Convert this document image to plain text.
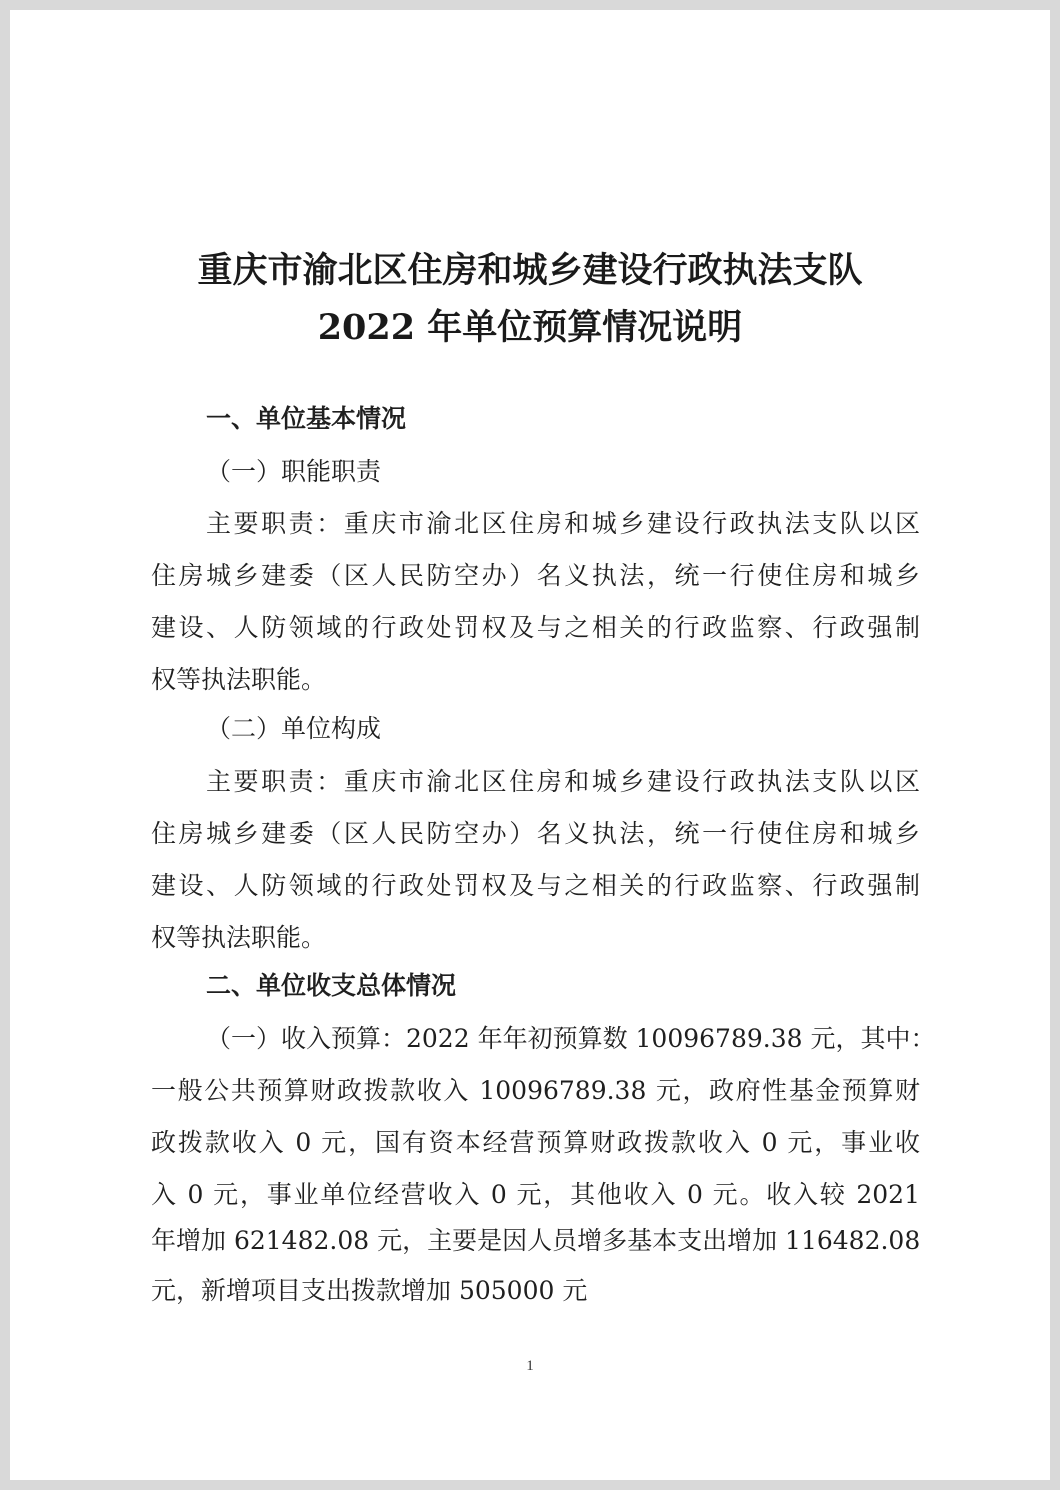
重庆市渝北区住房和城乡建设行政执法支队
2022 年单位预算情况说明
一、单位基本情况
（一）职能职责
主要职责：重庆市渝北区住房和城乡建设行政执法支队以区
住房城乡建委（区人民防空办）名义执法，统一行使住房和城乡
建设、人防领域的行政处罚权及与之相关的行政监察、行政强制
权等执法职能。
（二）单位构成
主要职责：重庆市渝北区住房和城乡建设行政执法支队以区
住房城乡建委（区人民防空办）名义执法，统一行使住房和城乡
建设、人防领域的行政处罚权及与之相关的行政监察、行政强制
权等执法职能。
二、单位收支总体情况
（一）收入预算：2022 年年初预算数 10096789.38 元，其中：
一般公共预算财政拨款收入 10096789.38 元，政府性基金预算财
政拨款收入 0 元，国有资本经营预算财政拨款收入 0 元，事业收
入 0 元，事业单位经营收入 0 元，其他收入 0 元。收入较 2021
年增加 621482.08 元，主要是因人员增多基本支出增加 116482.08
元，新增项目支出拨款增加 505000 元
1
